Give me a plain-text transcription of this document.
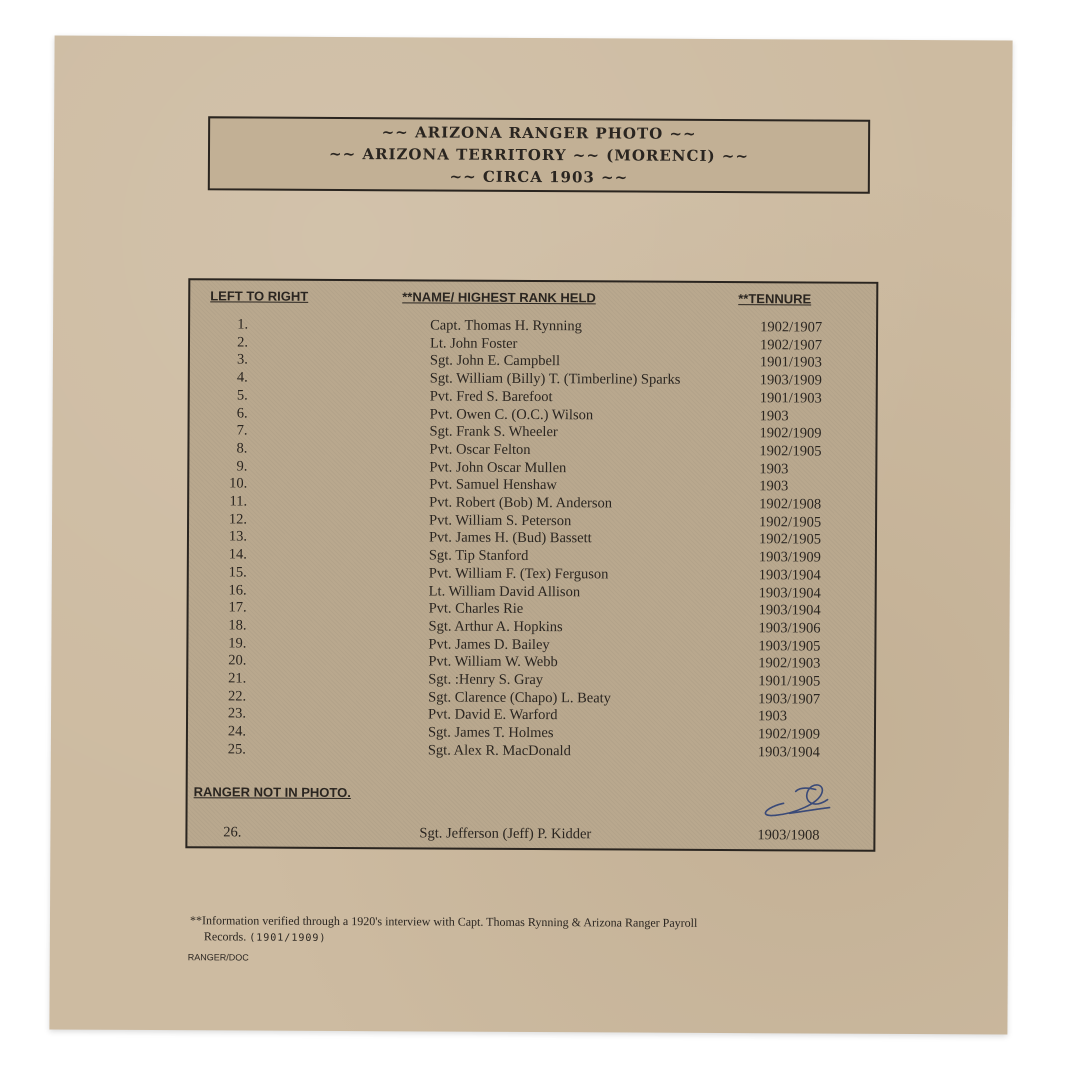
~~ ARIZONA RANGER PHOTO ~~
~~ ARIZONA TERRITORY ~~ (MORENCI) ~~
~~ CIRCA 1903 ~~
LEFT TO RIGHT	**NAME/ HIGHEST RANK HELD	**TENNURE
1.	Capt. Thomas H. Rynning	1902/1907
2.	Lt. John Foster	1902/1907
3.	Sgt. John E. Campbell	1901/1903
4.	Sgt. William (Billy) T. (Timberline) Sparks	1903/1909
5.	Pvt. Fred S. Barefoot	1901/1903
6.	Pvt. Owen C. (O.C.) Wilson	1903
7.	Sgt. Frank S. Wheeler	1902/1909
8.	Pvt. Oscar Felton	1902/1905
9.	Pvt. John Oscar Mullen	1903
10.	Pvt. Samuel Henshaw	1903
11.	Pvt. Robert (Bob) M. Anderson	1902/1908
12.	Pvt. William S. Peterson	1902/1905
13.	Pvt. James H. (Bud) Bassett	1902/1905
14.	Sgt. Tip Stanford	1903/1909
15.	Pvt. William F. (Tex) Ferguson	1903/1904
16.	Lt. William David Allison	1903/1904
17.	Pvt. Charles Rie	1903/1904
18.	Sgt. Arthur A. Hopkins	1903/1906
19.	Pvt. James D. Bailey	1903/1905
20.	Pvt. William W. Webb	1902/1903
21.	Sgt. :Henry S. Gray	1901/1905
22.	Sgt. Clarence (Chapo) L. Beaty	1903/1907
23.	Pvt. David E. Warford	1903
24.	Sgt. James T. Holmes	1902/1909
25.	Sgt. Alex R. MacDonald	1903/1904
RANGER NOT IN PHOTO.
26.	Sgt. Jefferson (Jeff) P. Kidder	1903/1908
**Information verified through a 1920's interview with Capt. Thomas Rynning & Arizona Ranger Payroll
Records. (1901/1909)
RANGER/DOC
